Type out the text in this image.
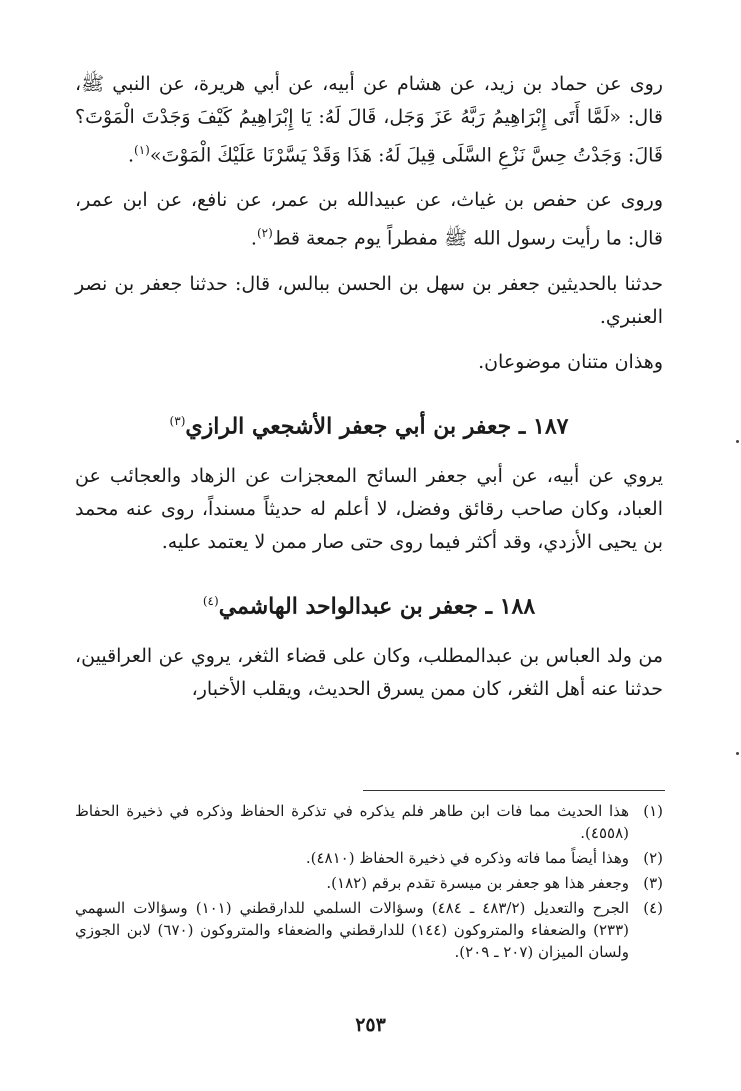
روى عن حماد بن زيد، عن هشام عن أبيه، عن أبي هريرة، عن النبي ﷺ، قال: «لَمَّا أَتَى إِبْرَاهِيمُ رَبَّهُ عَزَ وَجَل، قَالَ لَهُ: يَا إِبْرَاهِيمُ كَيْفَ وَجَدْتَ الْمَوْتَ؟ قَالَ: وَجَدْتُ حِسَّ نَزْعِ السَّلَى قِيلَ لَهُ: هَذَا وَقَدْ يَسَّرْنَا عَلَيْكَ الْمَوْتَ»$^{(١)}$.

وروى عن حفص بن غياث، عن عبيدالله بن عمر، عن نافع، عن ابن عمر، قال: ما رأيت رسول الله ﷺ مفطراً يوم جمعة قط$^{(٢)}$.

حدثنا بالحديثين جعفر بن سهل بن الحسن ببالس، قال: حدثنا جعفر بن نصر العنبري.

وهذان متنان موضوعان.

١٨٧ ـ جعفر بن أبي جعفر الأشجعي الرازي$^{(٣)}$

يروي عن أبيه، عن أبي جعفر السائح المعجزات عن الزهاد والعجائب عن العباد، وكان صاحب رقائق وفضل، لا أعلم له حديثاً مسنداً، روى عنه محمد بن يحيى الأزدي، وقد أكثر فيما روى حتى صار ممن لا يعتمد عليه.

١٨٨ ـ جعفر بن عبدالواحد الهاشمي$^{(٤)}$

من ولد العباس بن عبدالمطلب، وكان على قضاء الثغر، يروي عن العراقيين، حدثنا عنه أهل الثغر، كان ممن يسرق الحديث، ويقلب الأخبار،

(١)
هذا الحديث مما فات ابن طاهر فلم يذكره في تذكرة الحفاظ وذكره في ذخيرة الحفاظ (٤٥٥٨).
(٢)
وهذا أيضاً مما فاته وذكره في ذخيرة الحفاظ (٤٨١٠).
(٣)
وجعفر هذا هو جعفر بن ميسرة تقدم برقم (١٨٢).
(٤)
الجرح والتعديل (٤٨٣/٢ ـ ٤٨٤) وسؤالات السلمي للدارقطني (١٠١) وسؤالات السهمي (٢٣٣) والضعفاء والمتروكون (١٤٤) للدارقطني والضعفاء والمتروكون (٦٧٠) لابن الجوزي ولسان الميزان (٢٠٧ ـ ٢٠٩).
٢٥٣
